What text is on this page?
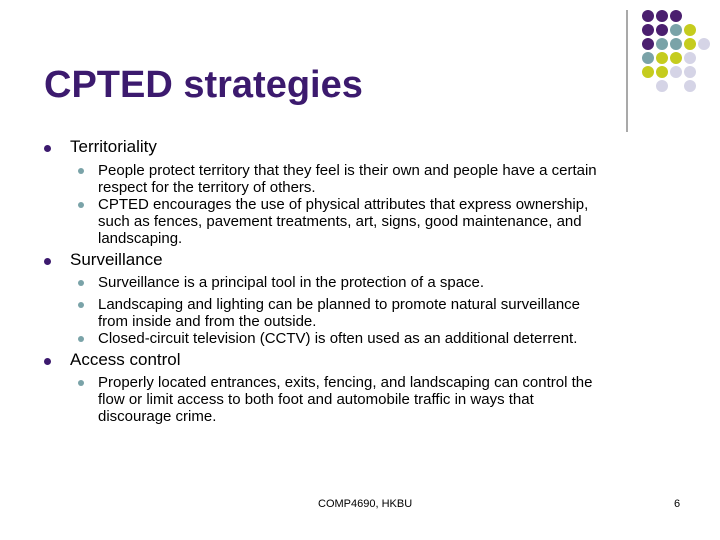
CPTED strategies
Territoriality
People protect territory that they feel is their own and people have a certain
respect for the territory of others.
CPTED encourages the use of physical attributes that express ownership,
such as fences, pavement treatments, art, signs, good maintenance, and
landscaping.
Surveillance
Surveillance is a principal tool in the protection of a space.
Landscaping and lighting can be planned to promote natural surveillance
from inside and from the outside.
Closed-circuit television (CCTV) is often used as an additional deterrent.
Access control
Properly located entrances, exits, fencing, and landscaping can control the
flow or limit access to both foot and automobile traffic in ways that
discourage crime.
COMP4690, HKBU	6
